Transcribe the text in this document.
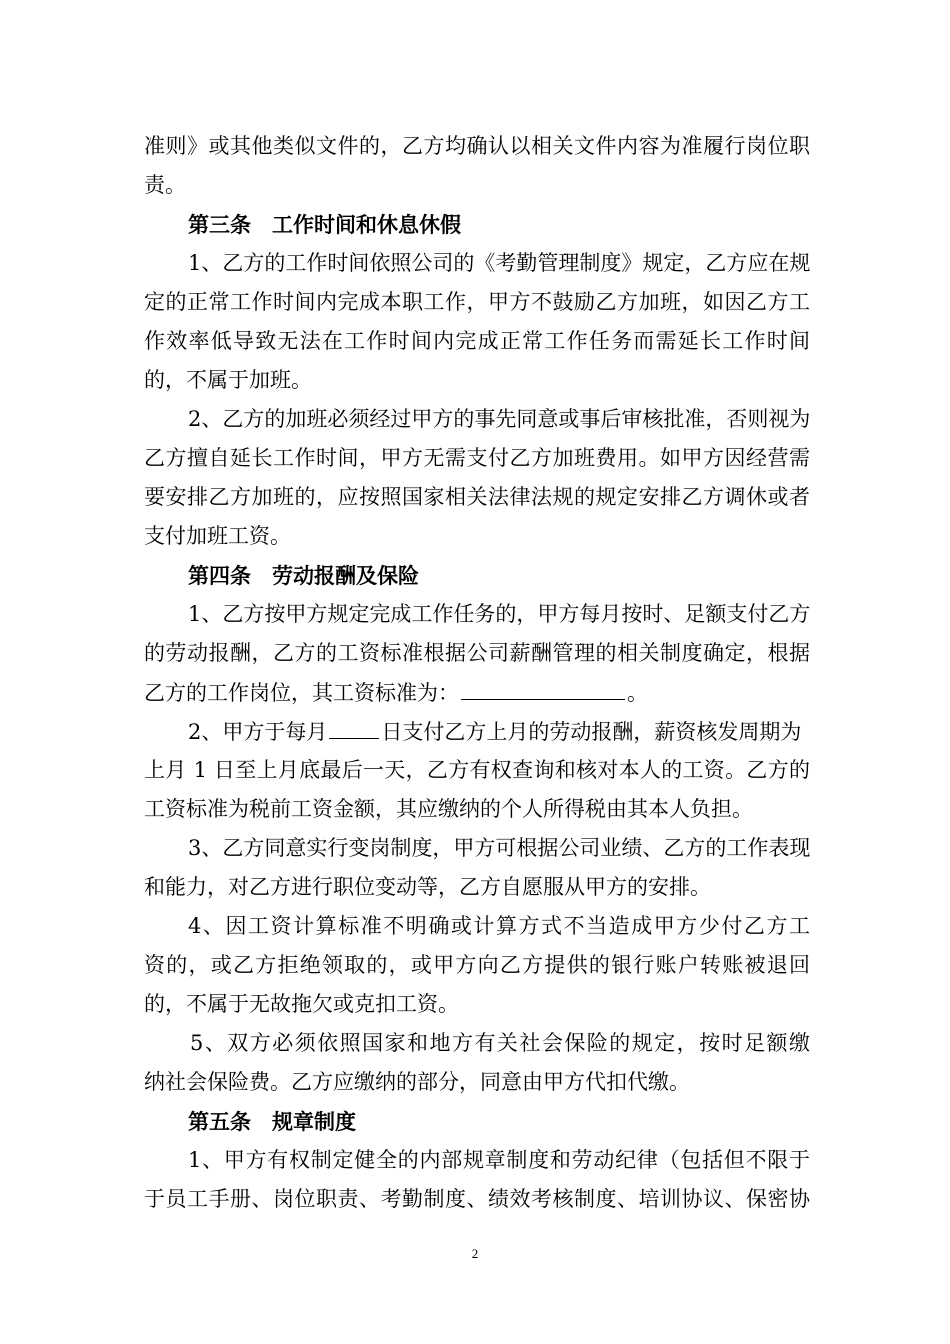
准则》或其他类似文件的，乙方均确认以相关文件内容为准履行岗位职
责。
第三条　工作时间和休息休假
1、乙方的工作时间依照公司的《考勤管理制度》规定，乙方应在规
定的正常工作时间内完成本职工作，甲方不鼓励乙方加班，如因乙方工
作效率低导致无法在工作时间内完成正常工作任务而需延长工作时间
的，不属于加班。
2、乙方的加班必须经过甲方的事先同意或事后审核批准，否则视为
乙方擅自延长工作时间，甲方无需支付乙方加班费用。如甲方因经营需
要安排乙方加班的，应按照国家相关法律法规的规定安排乙方调休或者
支付加班工资。
第四条　劳动报酬及保险
1、乙方按甲方规定完成工作任务的，甲方每月按时、足额支付乙方
的劳动报酬，乙方的工资标准根据公司薪酬管理的相关制度确定，根据
乙方的工作岗位，其工资标准为：	。
2、甲方于每月	日支付乙方上月的劳动报酬，薪资核发周期为
上月 1 日至上月底最后一天，乙方有权查询和核对本人的工资。乙方的
工资标准为税前工资金额，其应缴纳的个人所得税由其本人负担。
3、乙方同意实行变岗制度，甲方可根据公司业绩、乙方的工作表现
和能力，对乙方进行职位变动等，乙方自愿服从甲方的安排。
4、因工资计算标准不明确或计算方式不当造成甲方少付乙方工
资的，或乙方拒绝领取的，或甲方向乙方提供的银行账户转账被退回
的，不属于无故拖欠或克扣工资。
5、双方必须依照国家和地方有关社会保险的规定，按时足额缴
纳社会保险费。乙方应缴纳的部分，同意由甲方代扣代缴。
第五条　规章制度
1、甲方有权制定健全的内部规章制度和劳动纪律（包括但不限于
于员工手册、岗位职责、考勤制度、绩效考核制度、培训协议、保密协
2
